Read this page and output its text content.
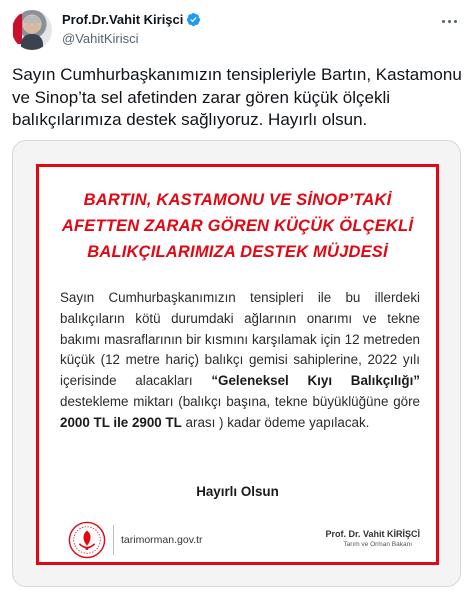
Prof.Dr.Vahit Kirişci
@VahitKirisci
Sayın Cumhurbaşkanımızın tensipleriyle Bartın, Kastamonu ve Sinop’ta sel afetinden zarar gören küçük ölçekli balıkçılarımıza destek sağlıyoruz. Hayırlı olsun.
BARTIN, KASTAMONU VE SİNOP’TAKİ
AFETTEN ZARAR GÖREN KÜÇÜK ÖLÇEKLİ
BALIKÇILARIMIZA DESTEK MÜJDESİ
Sayın Cumhurbaşkanımızın tensipleri ile bu illerdeki balıkçıların kötü durumdaki ağlarının onarımı ve tekne bakımı masraflarının bir kısmını karşılamak için 12 metreden küçük (12 metre hariç) balıkçı gemisi sahiplerine, 2022 yılı içerisinde alacakları “Geleneksel Kıyı Balıkçılığı” destekleme miktarı (balıkçı başına, tekne büyüklüğüne göre 2000 TL ile 2900 TL arası ) kadar ödeme yapılacak.
Hayırlı Olsun
tarimorman.gov.tr	Prof. Dr. Vahit KİRİŞCİ
Tarım ve Orman Bakanı
